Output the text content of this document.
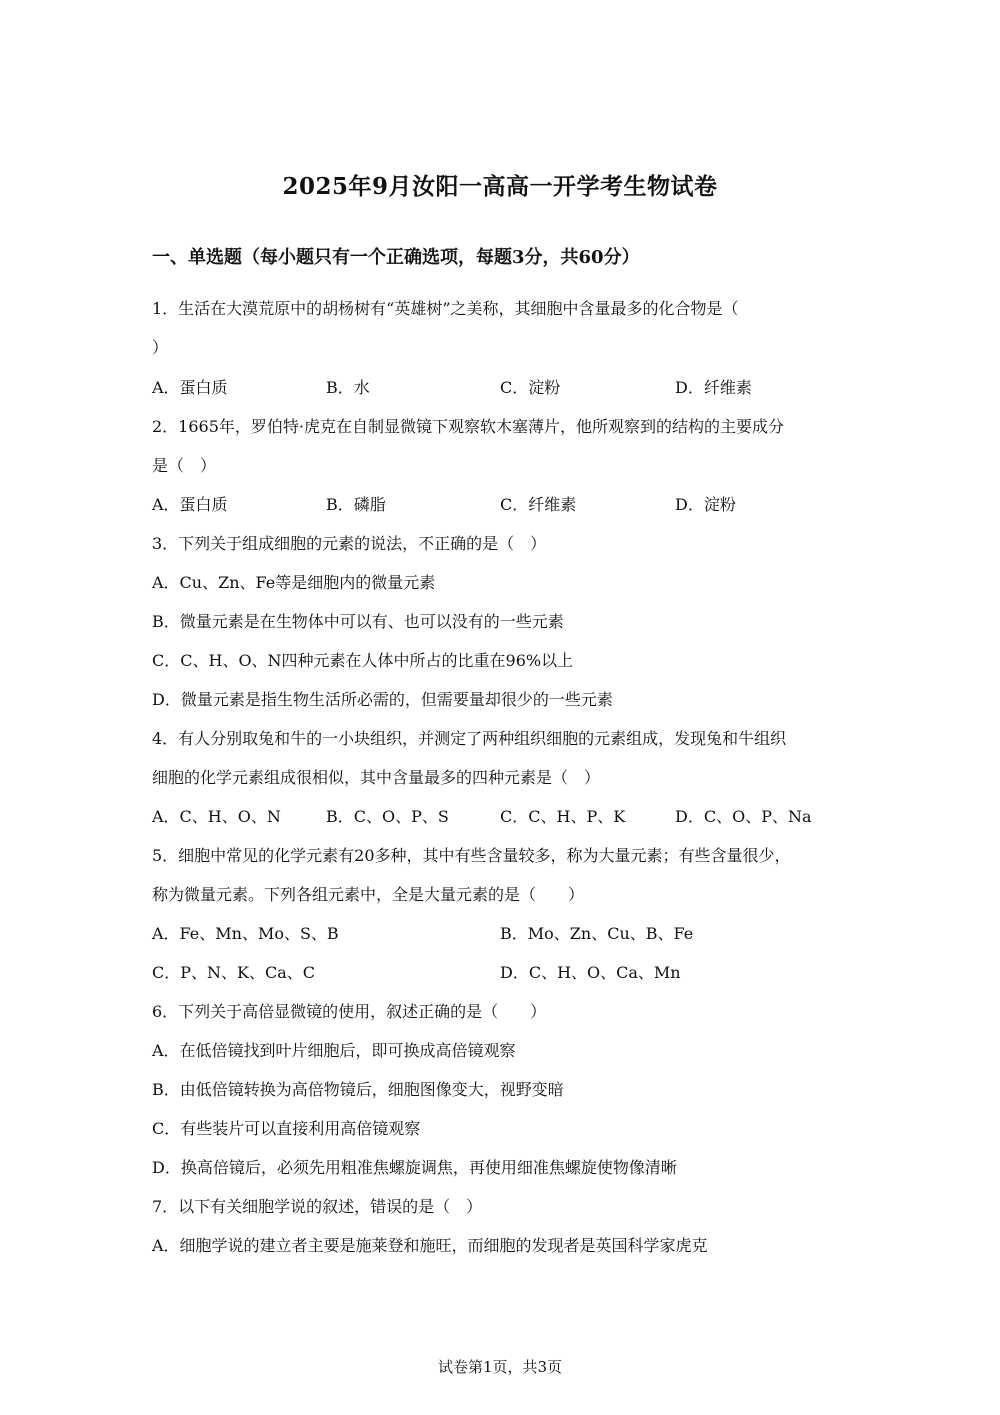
2025年9月汝阳一高高一开学考生物试卷
一、单选题（每小题只有一个正确选项，每题3分，共60分）
1．生活在大漠荒原中的胡杨树有“英雄树”之美称，其细胞中含量最多的化合物是（
）
A．蛋白质	B．水	C．淀粉	D．纤维素
2．1665年，罗伯特·虎克在自制显微镜下观察软木塞薄片，他所观察到的结构的主要成分
是（　）
A．蛋白质	B．磷脂	C．纤维素	D．淀粉
3．下列关于组成细胞的元素的说法，不正确的是（　）
A．Cu、Zn、Fe等是细胞内的微量元素
B．微量元素是在生物体中可以有、也可以没有的一些元素
C．C、H、O、N四种元素在人体中所占的比重在96%以上
D．微量元素是指生物生活所必需的，但需要量却很少的一些元素
4．有人分别取兔和牛的一小块组织，并测定了两种组织细胞的元素组成，发现兔和牛组织
细胞的化学元素组成很相似，其中含量最多的四种元素是（　）
A．C、H、O、N	B．C、O、P、S	C．C、H、P、K	D．C、O、P、Na
5．细胞中常见的化学元素有20多种，其中有些含量较多，称为大量元素；有些含量很少，
称为微量元素。下列各组元素中，全是大量元素的是（　　）
A．Fe、Mn、Mo、S、B	B．Mo、Zn、Cu、B、Fe
C．P、N、K、Ca、C	D．C、H、O、Ca、Mn
6．下列关于高倍显微镜的使用，叙述正确的是（　　）
A．在低倍镜找到叶片细胞后，即可换成高倍镜观察
B．由低倍镜转换为高倍物镜后，细胞图像变大，视野变暗
C．有些装片可以直接利用高倍镜观察
D．换高倍镜后，必须先用粗准焦螺旋调焦，再使用细准焦螺旋使物像清晰
7．以下有关细胞学说的叙述，错误的是（　）
A．细胞学说的建立者主要是施莱登和施旺，而细胞的发现者是英国科学家虎克
试卷第1页，共3页
